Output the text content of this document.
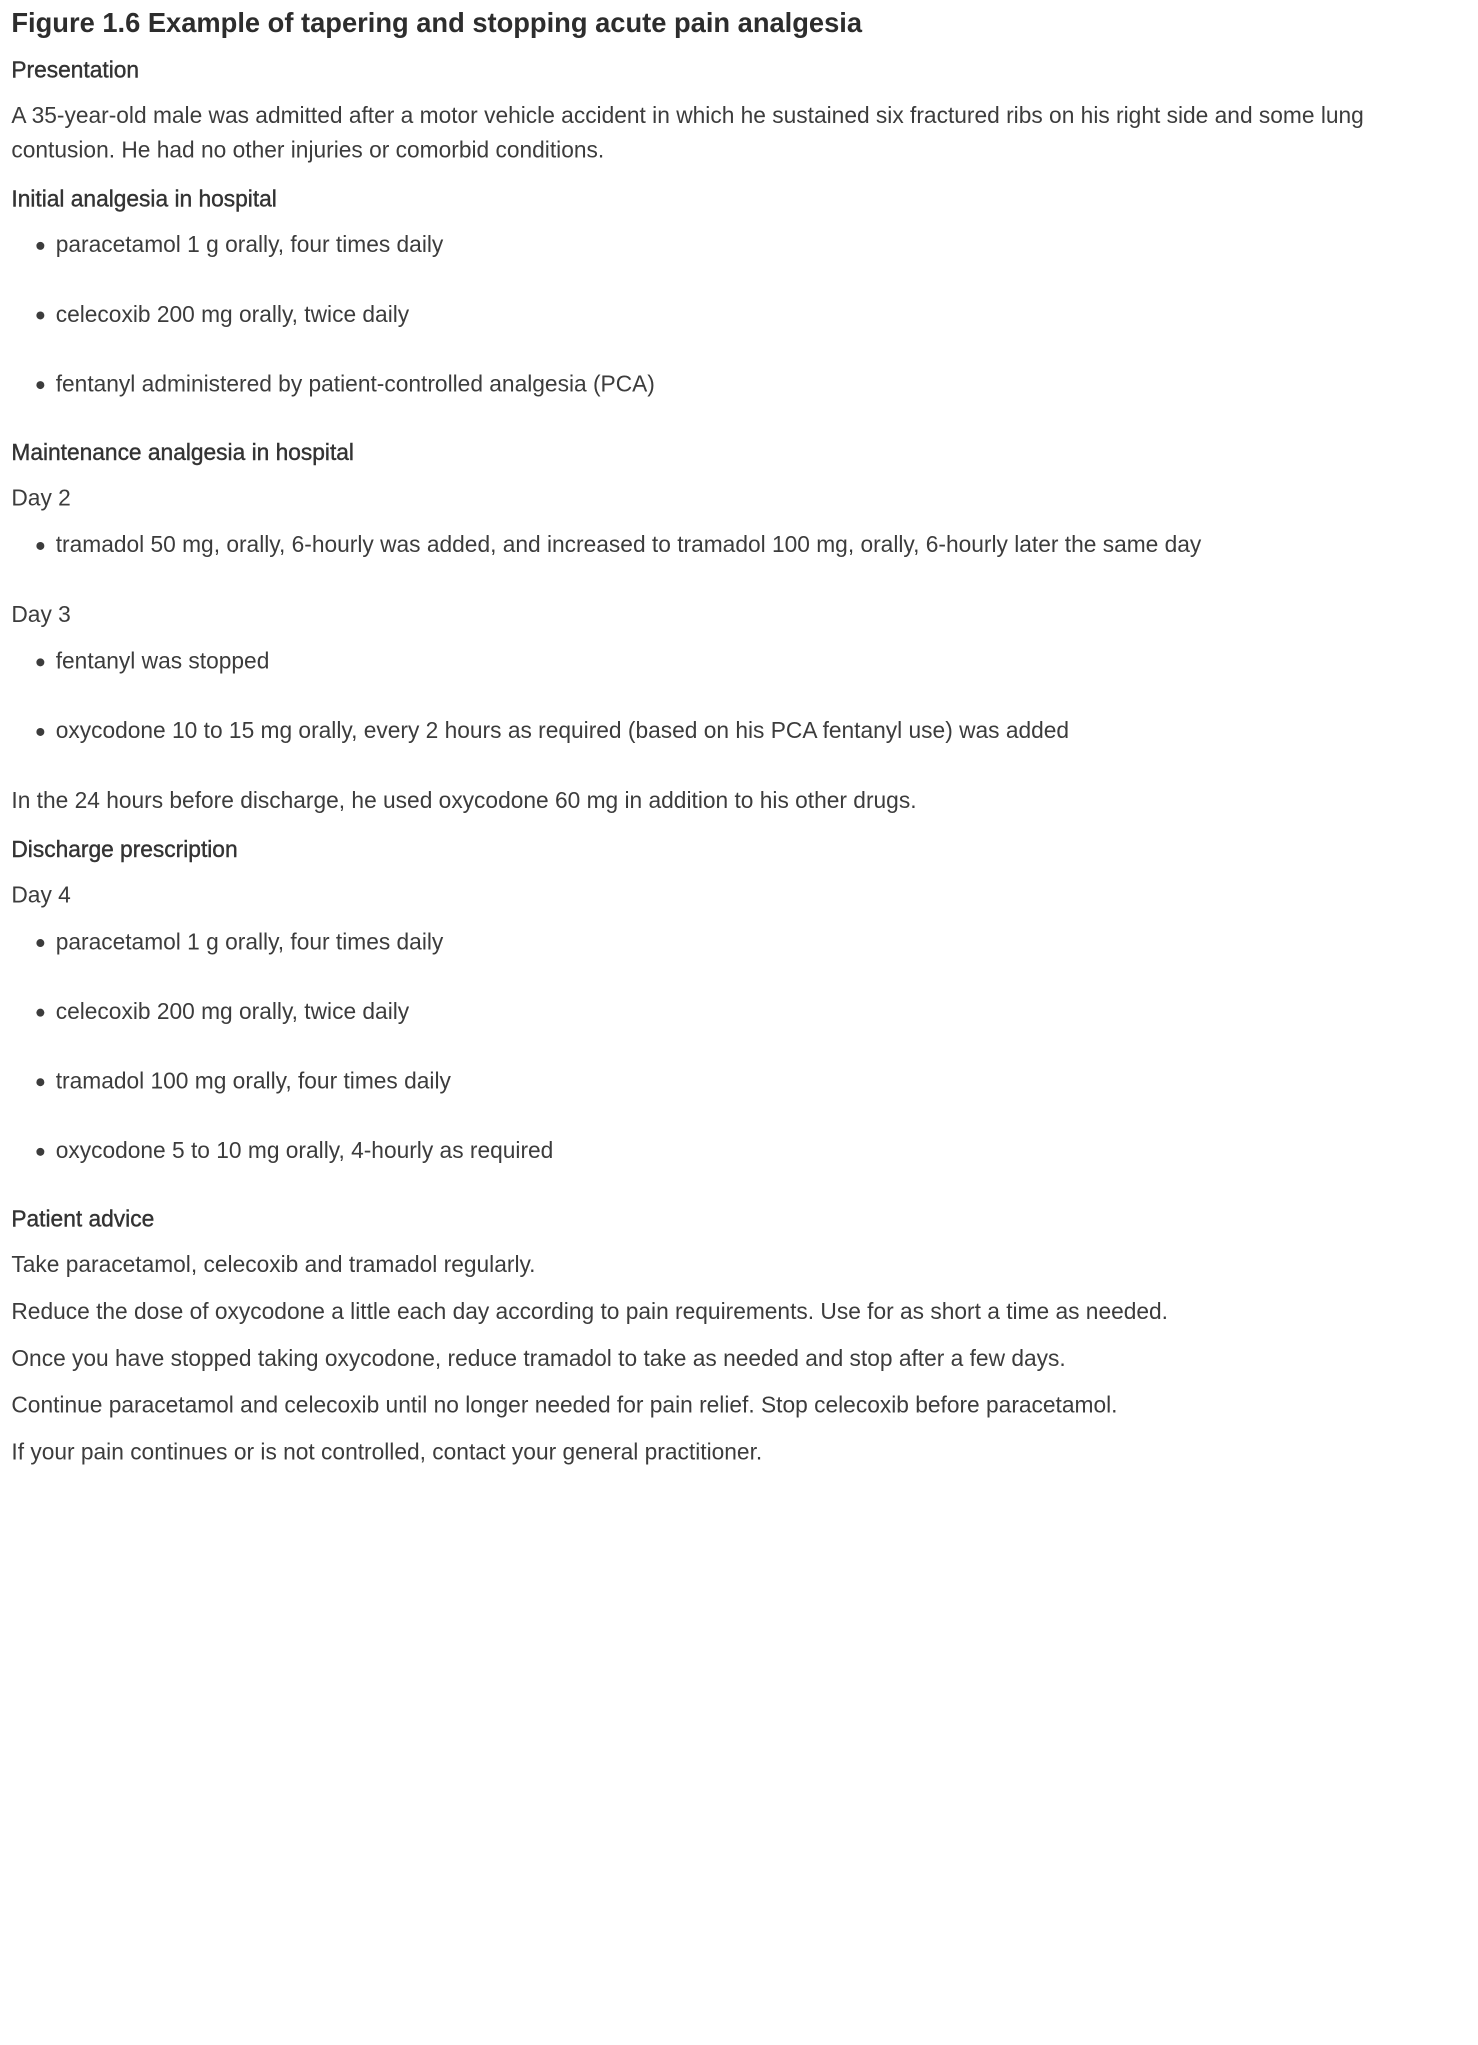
Figure 1.6 Example of tapering and stopping acute pain analgesia
Presentation

A 35-year-old male was admitted after a motor vehicle accident in which he sustained six fractured ribs on his right side and some lung contusion. He had no other injuries or comorbid conditions.

Initial analgesia in hospital
paracetamol 1 g orally, four times daily
celecoxib 200 mg orally, twice daily
fentanyl administered by patient-controlled analgesia (PCA)
Maintenance analgesia in hospital

Day 2

tramadol 50 mg, orally, 6-hourly was added, and increased to tramadol 100 mg, orally, 6-hourly later the same day

Day 3

fentanyl was stopped
oxycodone 10 to 15 mg orally, every 2 hours as required (based on his PCA fentanyl use) was added

In the 24 hours before discharge, he used oxycodone 60 mg in addition to his other drugs.

Discharge prescription

Day 4

paracetamol 1 g orally, four times daily
celecoxib 200 mg orally, twice daily
tramadol 100 mg orally, four times daily
oxycodone 5 to 10 mg orally, 4-hourly as required
Patient advice

Take paracetamol, celecoxib and tramadol regularly.

Reduce the dose of oxycodone a little each day according to pain requirements. Use for as short a time as needed.

Once you have stopped taking oxycodone, reduce tramadol to take as needed and stop after a few days.

Continue paracetamol and celecoxib until no longer needed for pain relief. Stop celecoxib before paracetamol.

If your pain continues or is not controlled, contact your general practitioner.
